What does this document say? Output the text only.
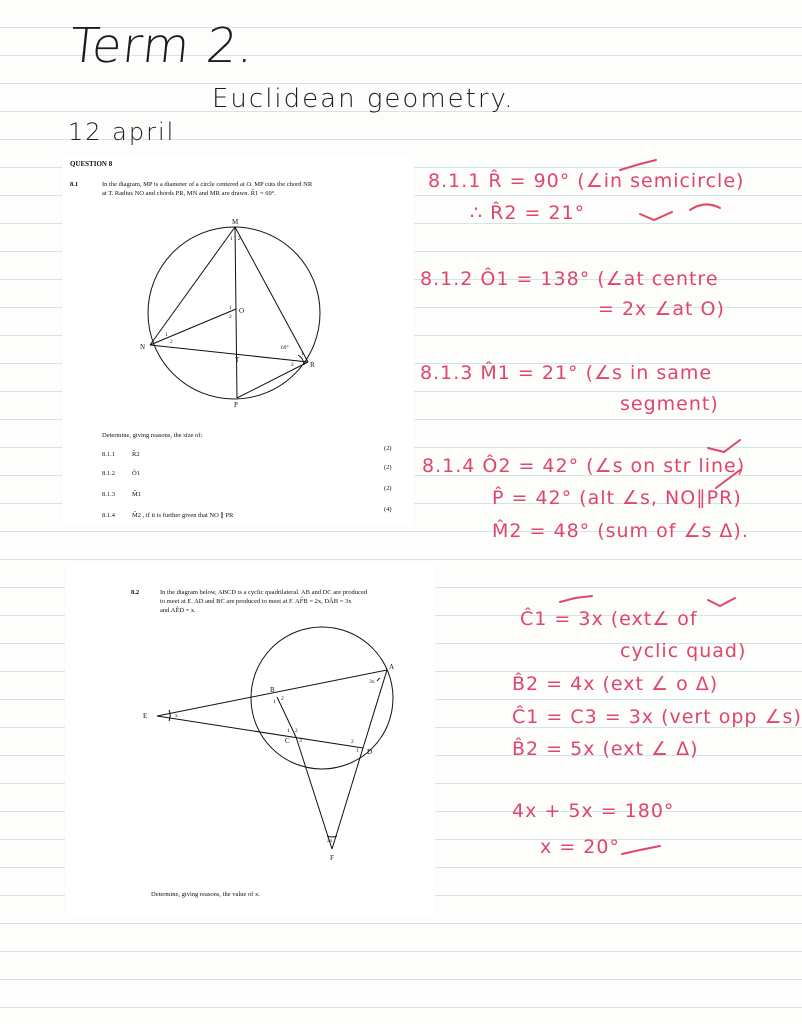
Term 2.
Euclidean geometry.
12 april
QUESTION 8
8.1	In the diagram, MP is a diameter of a circle centered at O. MP cuts the chord NR
at T. Radius NO and chords PR, MN and MR are drawn. R̂1 = 69°.
M
O
N
T
R
P
1 2
1
2
1
2
69°
1
2
Determine, giving reasons, the size of:
8.1.1	R̂2
(2)
8.1.2	Ô1
(2)
8.1.3	M̂1
(2)
8.1.4	M̂2 , if it is further given that NO ∥ PR
(4)
8.2	In the diagram below, ABCD is a cyclic quadrilateral. AB and DC are produced
to meet at E. AD and BC are produced to meet at F. AF̂B = 2x, DÂB = 3x
and AÊD = x.
A
B
C
D
E
F
3x
x
2x
1 2
1 2
3	2
1
Determine, giving reasons, the value of x.
8.1.1 R̂ = 90° (∠in semicircle)
∴ R̂2 = 21°
8.1.2 Ô1 = 138° (∠at centre
= 2x ∠at O)
8.1.3 M̂1 = 21° (∠s in same
segment)
8.1.4 Ô2 = 42° (∠s on str line)
P̂ = 42° (alt ∠s, NO∥PR)
M̂2 = 48° (sum of ∠s Δ).
Ĉ1 = 3x (ext∠ of
cyclic quad)
B̂2 = 4x (ext ∠ o Δ)
Ĉ1 = C3 = 3x (vert opp ∠s)
B̂2 = 5x (ext ∠ Δ)
4x + 5x = 180°
x = 20°
